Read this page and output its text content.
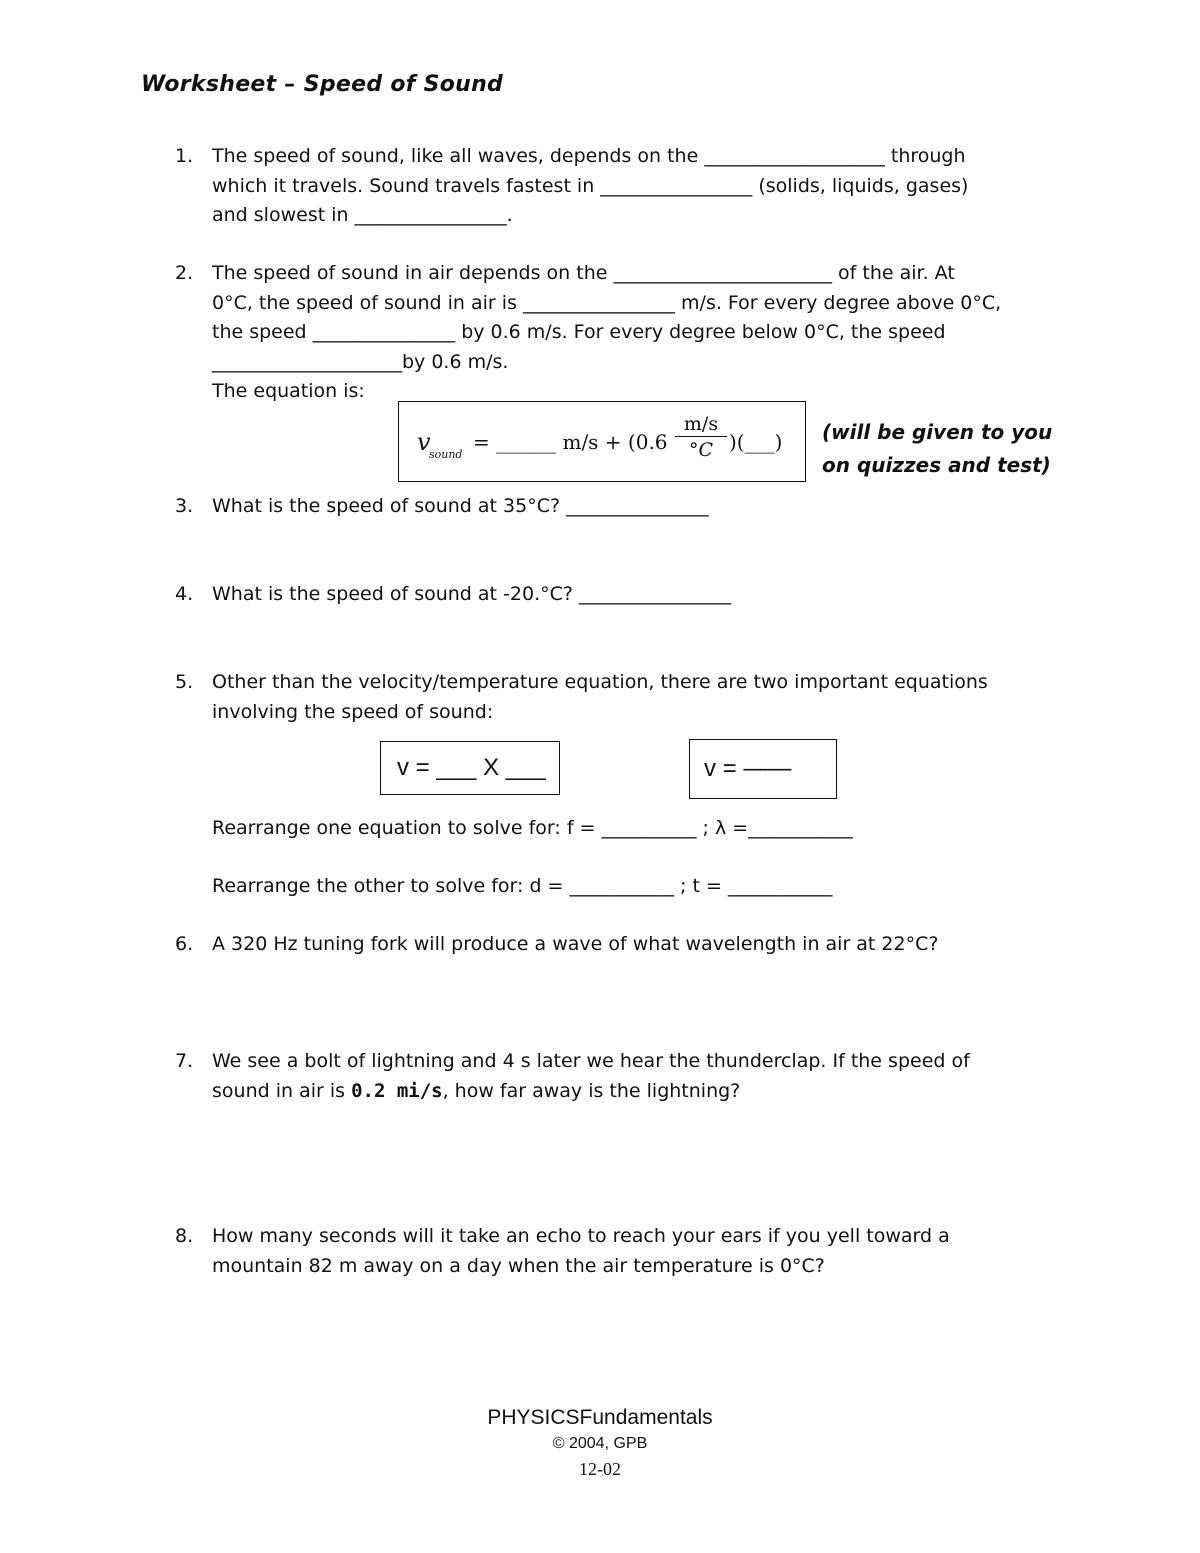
Worksheet – Speed of Sound
1. The speed of sound, like all waves, depends on the ___________________ through
which it travels. Sound travels fastest in ________________ (solids, liquids, gases)
and slowest in ________________.
2. The speed of sound in air depends on the _______________________ of the air. At
0°C, the speed of sound in air is ________________ m/s. For every degree above 0°C,
the speed _______________ by 0.6 m/s. For every degree below 0°C, the speed
____________________by 0.6 m/s.
The equation is:
v
sound
= ______ $m/s + (0.6 \frac{m/s}{^\circ C}$ )(___) (will be given to you
on quizzes and test)
3. What is the speed of sound at 35°C? _______________
4. What is the speed of sound at -20.°C? ________________
5. Other than the velocity/temperature equation, there are two important equations
involving the speed of sound:
v = ___ X ___	v = ——
Rearrange one equation to solve for: f = __________ ; λ =___________
Rearrange the other to solve for: d = ___________ ; t = ___________
6. A 320 Hz tuning fork will produce a wave of what wavelength in air at 22°C?
7. We see a bolt of lightning and 4 s later we hear the thunderclap. If the speed of
sound in air is 0.2 mi/s, how far away is the lightning?
8. How many seconds will it take an echo to reach your ears if you yell toward a
mountain 82 m away on a day when the air temperature is 0°C?
PHYSICSFundamentals
© 2004, GPB
12-02
